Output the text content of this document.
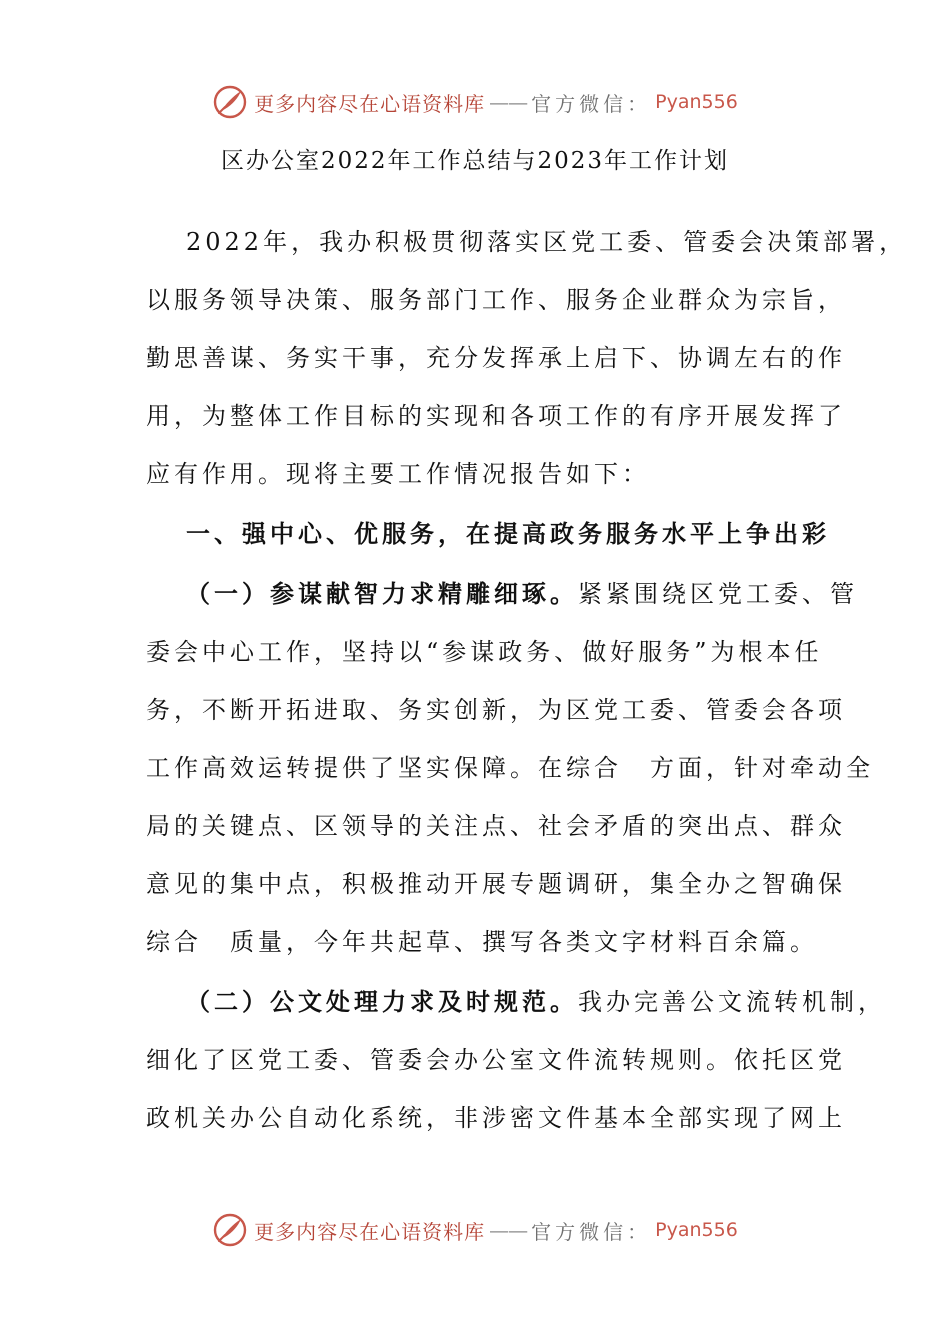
更多内容尽在心语资料库 —— 官方微信： Pyan556
区办公室2022年工作总结与2023年工作计划

2022年，我办积极贯彻落实区党工委、管委会决策部署，

以服务领导决策、服务部门工作、服务企业群众为宗旨，

勤思善谋、务实干事，充分发挥承上启下、协调左右的作

用，为整体工作目标的实现和各项工作的有序开展发挥了

应有作用。现将主要工作情况报告如下：

一、强中心、优服务，在提高政务服务水平上争出彩

（一）参谋献智力求精雕细琢。紧紧围绕区党工委、管

委会中心工作，坚持以“参谋政务、做好服务”为根本任

务，不断开拓进取、务实创新，为区党工委、管委会各项

工作高效运转提供了坚实保障。在综合　方面，针对牵动全

局的关键点、区领导的关注点、社会矛盾的突出点、群众

意见的集中点，积极推动开展专题调研，集全办之智确保

综合　质量，今年共起草、撰写各类文字材料百余篇。

（二）公文处理力求及时规范。我办完善公文流转机制，

细化了区党工委、管委会办公室文件流转规则。依托区党

政机关办公自动化系统，非涉密文件基本全部实现了网上

更多内容尽在心语资料库 —— 官方微信： Pyan556
